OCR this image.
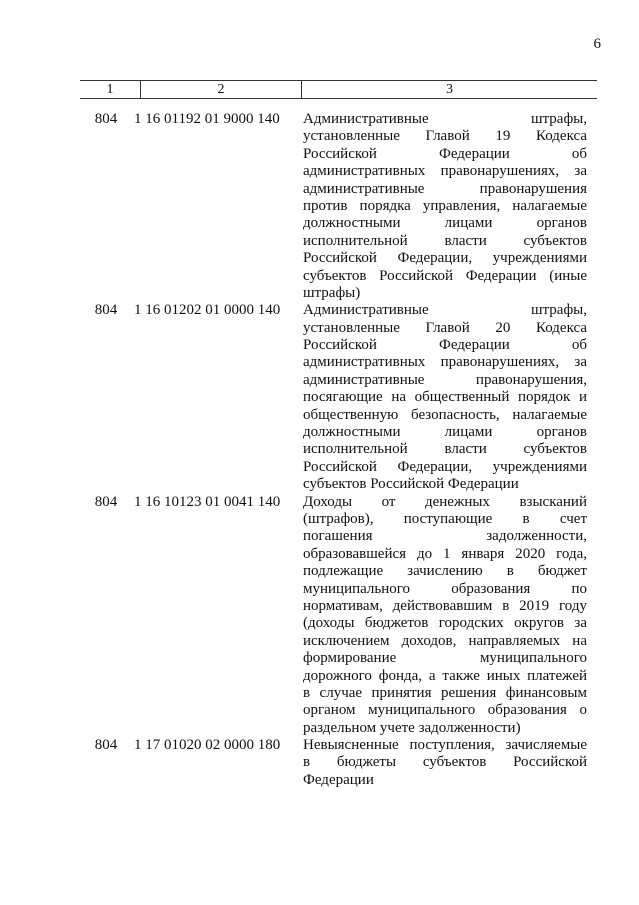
6
1	2	3
804	1 16 01192 01 9000 140	Административные штрафы,
установленные Главой 19 Кодекса
Российской Федерации об
административных правонарушениях, за
административные правонарушения
против порядка управления, налагаемые
должностными лицами органов
исполнительной власти субъектов
Российской Федерации, учреждениями
субъектов Российской Федерации (иные
штрафы)
804	1 16 01202 01 0000 140	Административные штрафы,
установленные Главой 20 Кодекса
Российской Федерации об
административных правонарушениях, за
административные правонарушения,
посягающие на общественный порядок и
общественную безопасность, налагаемые
должностными лицами органов
исполнительной власти субъектов
Российской Федерации, учреждениями
субъектов Российской Федерации
804	1 16 10123 01 0041 140	Доходы от денежных взысканий
(штрафов), поступающие в счет
погашения задолженности,
образовавшейся до 1 января 2020 года,
подлежащие зачислению в бюджет
муниципального образования по
нормативам, действовавшим в 2019 году
(доходы бюджетов городских округов за
исключением доходов, направляемых на
формирование муниципального
дорожного фонда, а также иных платежей
в случае принятия решения финансовым
органом муниципального образования о
раздельном учете задолженности)
804	1 17 01020 02 0000 180	Невыясненные поступления, зачисляемые
в бюджеты субъектов Российской
Федерации
